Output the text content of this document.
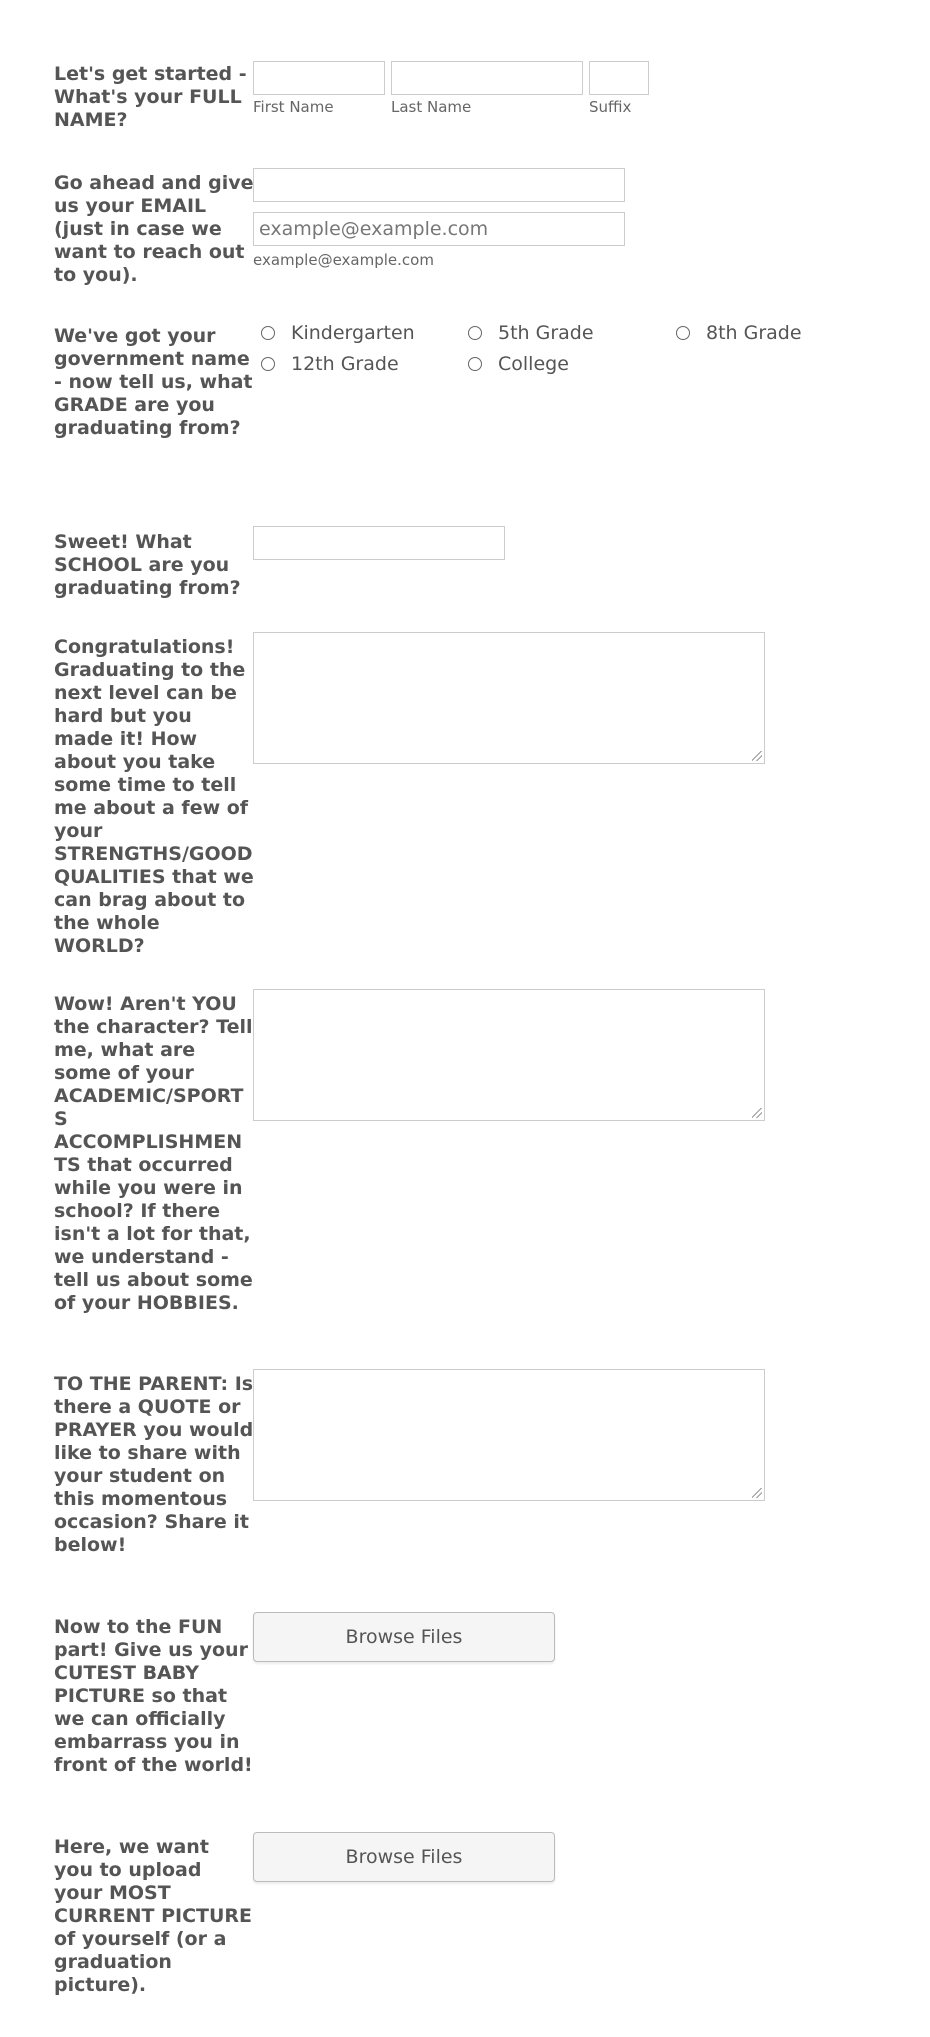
Let's get started - What's your FULL NAME?
First Name	Last Name	Suffix
Go ahead and give us your EMAIL (just in case we want to reach out to you).
example@example.com
example@example.com
We've got your government name - now tell us, what GRADE are you graduating from?
Kindergarten	5th Grade	8th Grade
12th Grade	College
Sweet! What SCHOOL are you graduating from?
Congratulations! Graduating to the next level can be hard but you made it! How about you take some time to tell me about a few of your STRENGTHS/GOOD QUALITIES that we can brag about to the whole WORLD?
Wow! Aren't YOU the character? Tell me, what are some of your ACADEMIC/SPORTS ACCOMPLISHMENTS that occurred while you were in school? If there isn't a lot for that, we understand - tell us about some of your HOBBIES.
TO THE PARENT: Is there a QUOTE or PRAYER you would like to share with your student on this momentous occasion? Share it below!
Now to the FUN part! Give us your CUTEST BABY PICTURE so that we can officially embarrass you in front of the world!
Browse Files
Here, we want you to upload your MOST CURRENT PICTURE of yourself (or a graduation picture).
Browse Files
